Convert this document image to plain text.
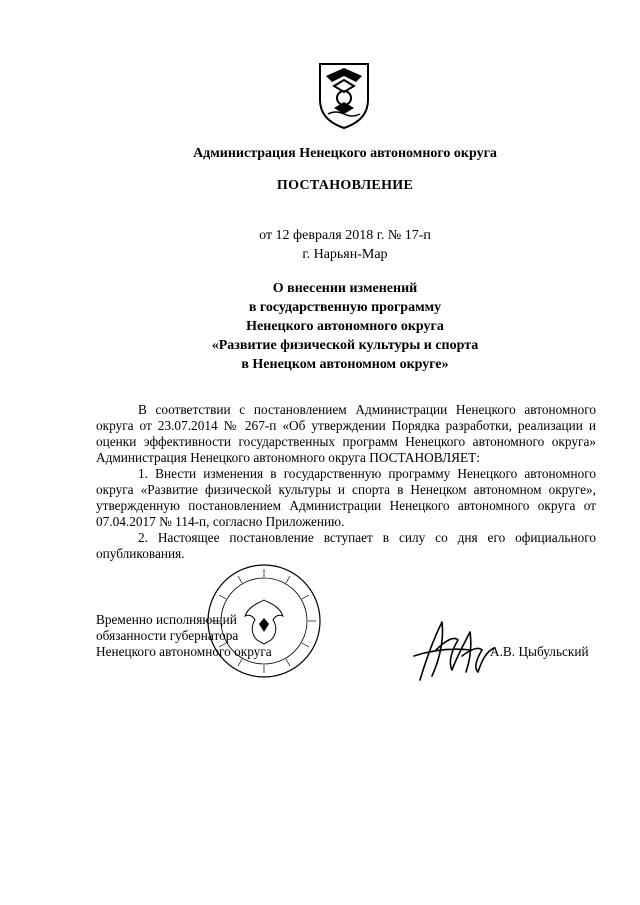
Администрация Ненецкого автономного округа
ПОСТАНОВЛЕНИЕ
от 12 февраля 2018 г. № 17-п
г. Нарьян-Мар
О внесении изменений
в государственную программу
Ненецкого автономного округа
«Развитие физической культуры и спорта
в Ненецком автономном округе»

В соответствии с постановлением Администрации Ненецкого автономного округа от 23.07.2014 № 267-п «Об утверждении Порядка разработки, реализации и оценки эффективности государственных программ Ненецкого автономного округа» Администрация Ненецкого автономного округа ПОСТАНОВЛЯЕТ:

1. Внести изменения в государственную программу Ненецкого автономного округа «Развитие физической культуры и спорта в Ненецком автономном округе», утвержденную постановлением Администрации Ненецкого автономного округа от 07.04.2017 № 114-п, согласно Приложению.

2. Настоящее постановление вступает в силу со дня его официального опубликования.

Временно исполняющий
обязанности губернатора
Ненецкого автономного округа	А.В. Цыбульский
